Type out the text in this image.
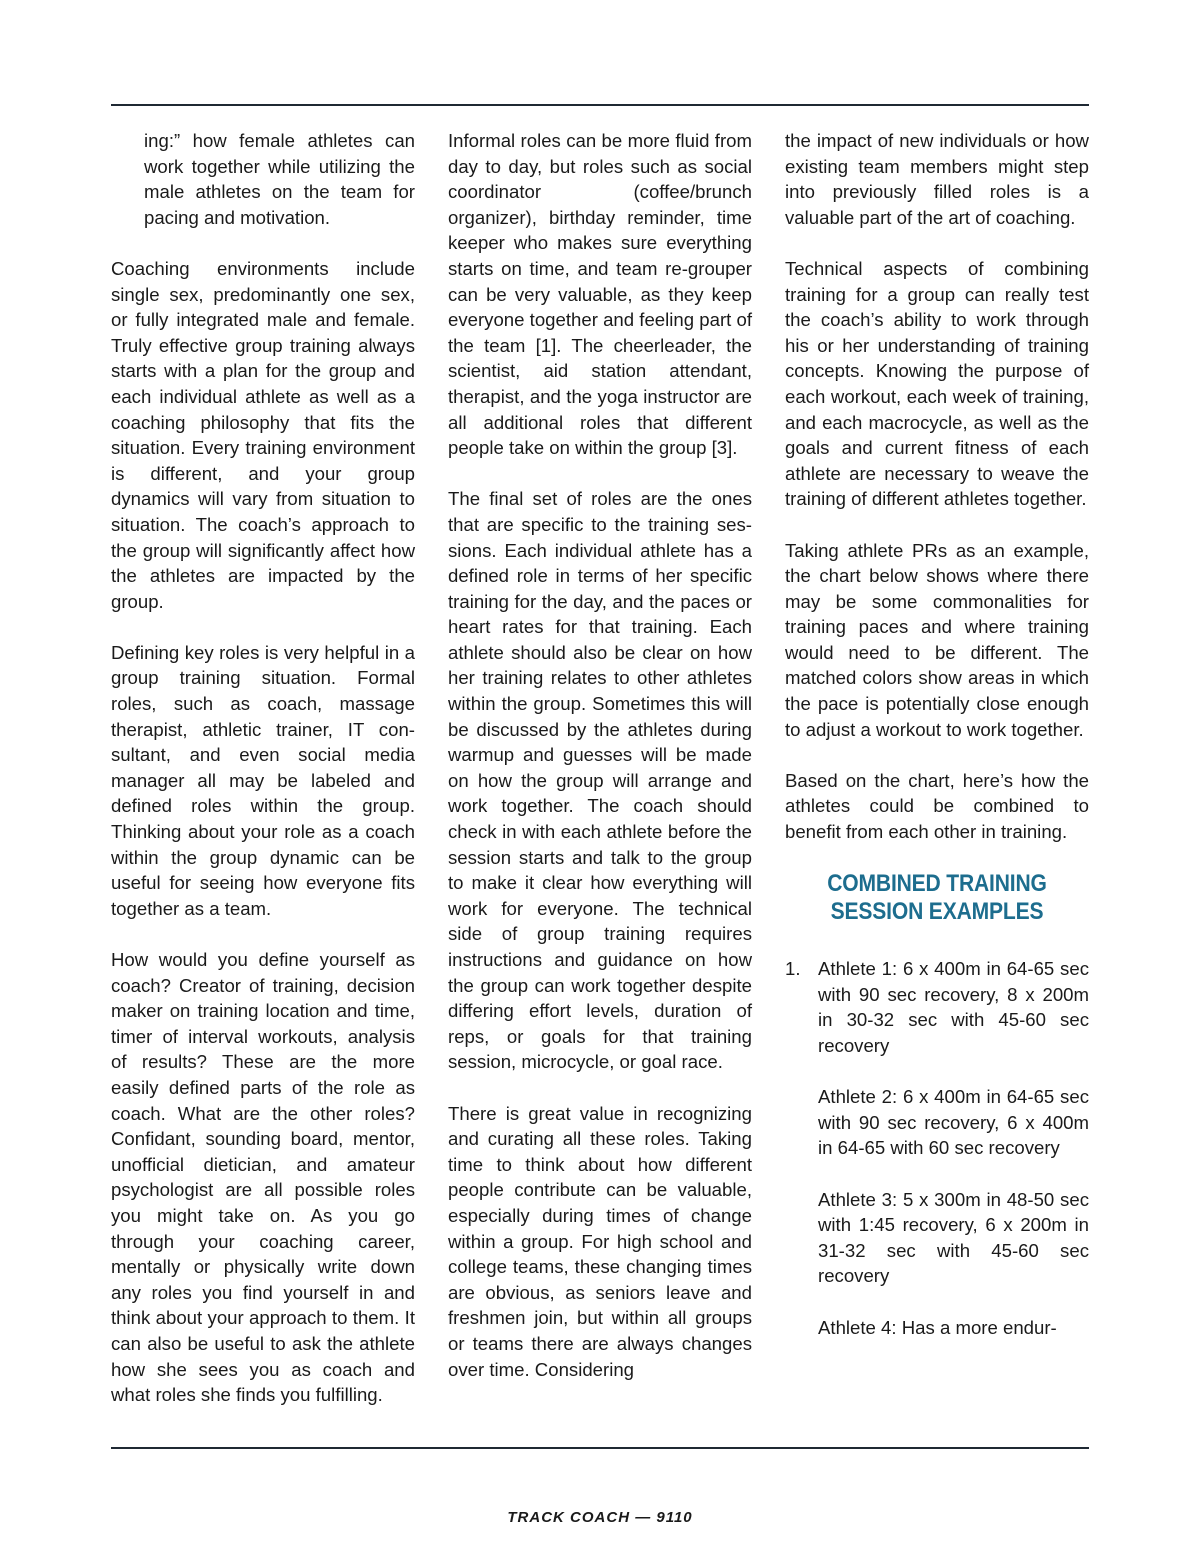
ing:” how female athletes can work together while utilizing the male athletes on the team for pacing and motivation.

Coaching environments include single sex, predominantly one sex, or fully integrated male and female. Truly effective group training always starts with a plan for the group and each individual athlete as well as a coaching philosophy that fits the situation. Every training environment is different, and your group dynamics will vary from situation to situation. The coach’s approach to the group will significantly affect how the athletes are impacted by the group.

Defining key roles is very helpful in a group training situation. Formal roles, such as coach, massage therapist, athletic trainer, IT consultant, and even social media manager all may be labeled and defined roles within the group. Thinking about your role as a coach within the group dynamic can be useful for seeing how everyone fits together as a team.

How would you define yourself as coach? Creator of training, decision maker on training location and time, timer of interval workouts, analysis of results? These are the more easily defined parts of the role as coach. What are the other roles? Confidant, sounding board, mentor, unofficial dietician, and amateur psychologist are all possible roles you might take on. As you go through your coaching career, mentally or physically write down any roles you find yourself in and think about your approach to them. It can also be useful to ask the athlete how she sees you as coach and what roles she finds you fulfilling.

Informal roles can be more fluid from day to day, but roles such as social coordinator (coffee/brunch organizer), birthday reminder, time keeper who makes sure everything starts on time, and team re-grouper can be very valuable, as they keep everyone together and feeling part of the team [1]. The cheerleader, the scientist, aid station attendant, therapist, and the yoga instructor are all additional roles that different people take on within the group [3].

The final set of roles are the ones that are specific to the training sessions. Each individual athlete has a defined role in terms of her specific training for the day, and the paces or heart rates for that training. Each athlete should also be clear on how her training relates to other athletes within the group. Sometimes this will be discussed by the athletes during warmup and guesses will be made on how the group will arrange and work together. The coach should check in with each athlete before the session starts and talk to the group to make it clear how everything will work for everyone. The technical side of group training requires instructions and guidance on how the group can work together despite differing effort levels, duration of reps, or goals for that training session, microcycle, or goal race.

There is great value in recognizing and curating all these roles. Taking time to think about how different people contribute can be valuable, especially during times of change within a group. For high school and college teams, these changing times are obvious, as seniors leave and freshmen join, but within all groups or teams there are always changes over time. Considering

the impact of new individuals or how existing team members might step into previously filled roles is a valuable part of the art of coaching.

Technical aspects of combining training for a group can really test the coach’s ability to work through his or her understanding of training concepts. Knowing the purpose of each workout, each week of training, and each macrocycle, as well as the goals and current fitness of each athlete are necessary to weave the training of different athletes together.

Taking athlete PRs as an example, the chart below shows where there may be some commonalities for training paces and where training would need to be different. The matched colors show areas in which the pace is potentially close enough to adjust a workout to work together.

Based on the chart, here’s how the athletes could be combined to benefit from each other in training.

COMBINED TRAINING
SESSION EXAMPLES
1. Athlete 1: 6 x 400m in 64-65 sec with 90 sec recovery, 8 x 200m in 30-32 sec with 45-60 sec recovery

Athlete 2: 6 x 400m in 64-65 sec with 90 sec recovery, 6 x 400m in 64-65 with 60 sec recovery

Athlete 3: 5 x 300m in 48-50 sec with 1:45 recovery, 6 x 200m in 31-32 sec with 45-60 sec recovery

Athlete 4: Has a more endur-

TRACK COACH — 9110
